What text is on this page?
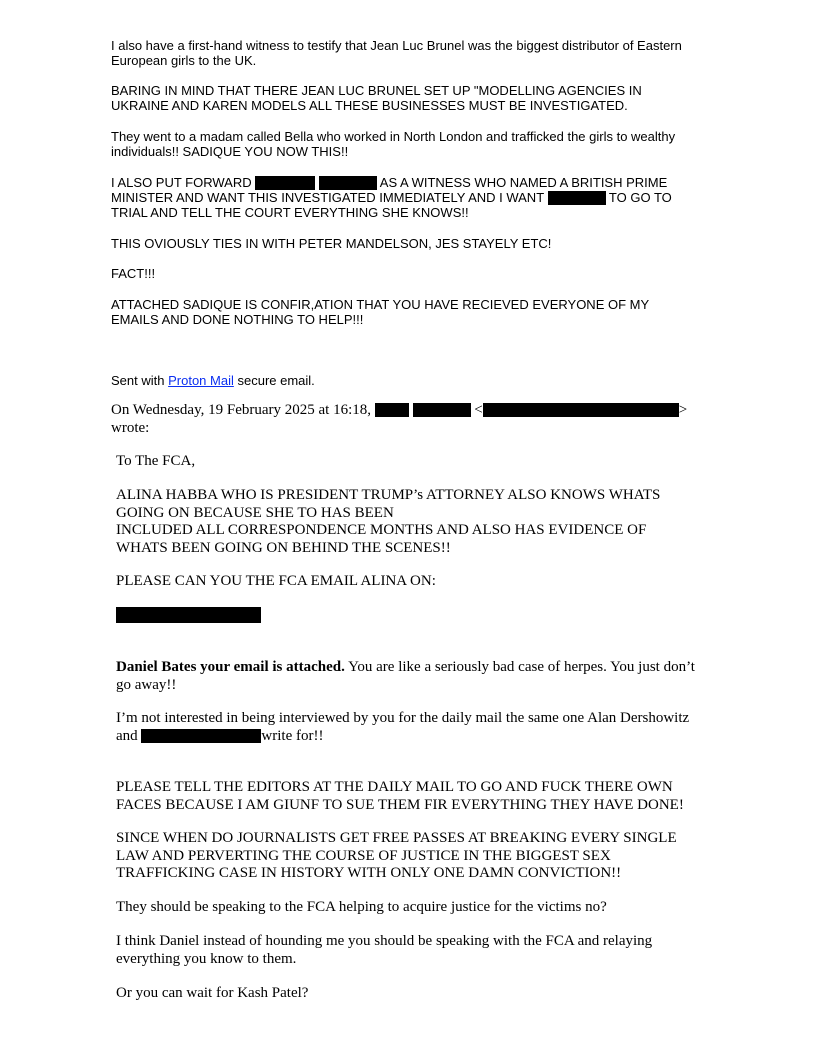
I also have a first-hand witness to testify that Jean Luc Brunel was the biggest distributor of Eastern European girls to the UK.

BARING IN MIND THAT THERE JEAN LUC BRUNEL SET UP "MODELLING AGENCIES IN UKRAINE AND KAREN MODELS ALL THESE BUSINESSES MUST BE INVESTIGATED.

They went to a madam called Bella who worked in North London and trafficked the girls to wealthy individuals!! SADIQUE YOU NOW THIS!!

I ALSO PUT FORWARD	AS A WITNESS WHO NAMED A BRITISH PRIME
MINISTER AND WANT THIS INVESTIGATED IMMEDIATELY AND I WANT	TO GO TO
TRIAL AND TELL THE COURT EVERYTHING SHE KNOWS!!

THIS OVIOUSLY TIES IN WITH PETER MANDELSON, JES STAYELY ETC!

FACT!!!

ATTACHED SADIQUE IS CONFIR,ATION THAT YOU HAVE RECIEVED EVERYONE OF MY EMAILS AND DONE NOTHING TO HELP!!!

Sent with Proton Mail secure email.
On Wednesday, 19 February 2025 at 16:18,	<	>
wrote:

To The FCA,

ALINA HABBA WHO IS PRESIDENT TRUMP’s ATTORNEY ALSO KNOWS WHATS GOING ON BECAUSE SHE TO HAS BEEN
INCLUDED ALL CORRESPONDENCE MONTHS AND ALSO HAS EVIDENCE OF WHATS BEEN GOING ON BEHIND THE SCENES!!

PLEASE CAN YOU THE FCA EMAIL ALINA ON:

Daniel Bates your email is attached. You are like a seriously bad case of herpes. You just don’t go away!!

I’m not interested in being interviewed by you for the daily mail the same one Alan Dershowitz
and	write for!!

PLEASE TELL THE EDITORS AT THE DAILY MAIL TO GO AND FUCK THERE OWN FACES BECAUSE I AM GIUNF TO SUE THEM FIR EVERYTHING THEY HAVE DONE!

SINCE WHEN DO JOURNALISTS GET FREE PASSES AT BREAKING EVERY SINGLE LAW AND PERVERTING THE COURSE OF JUSTICE IN THE BIGGEST SEX TRAFFICKING CASE IN HISTORY WITH ONLY ONE DAMN CONVICTION!!

They should be speaking to the FCA helping to acquire justice for the victims no?

I think Daniel instead of hounding me you should be speaking with the FCA and relaying everything you know to them.

Or you can wait for Kash Patel?
